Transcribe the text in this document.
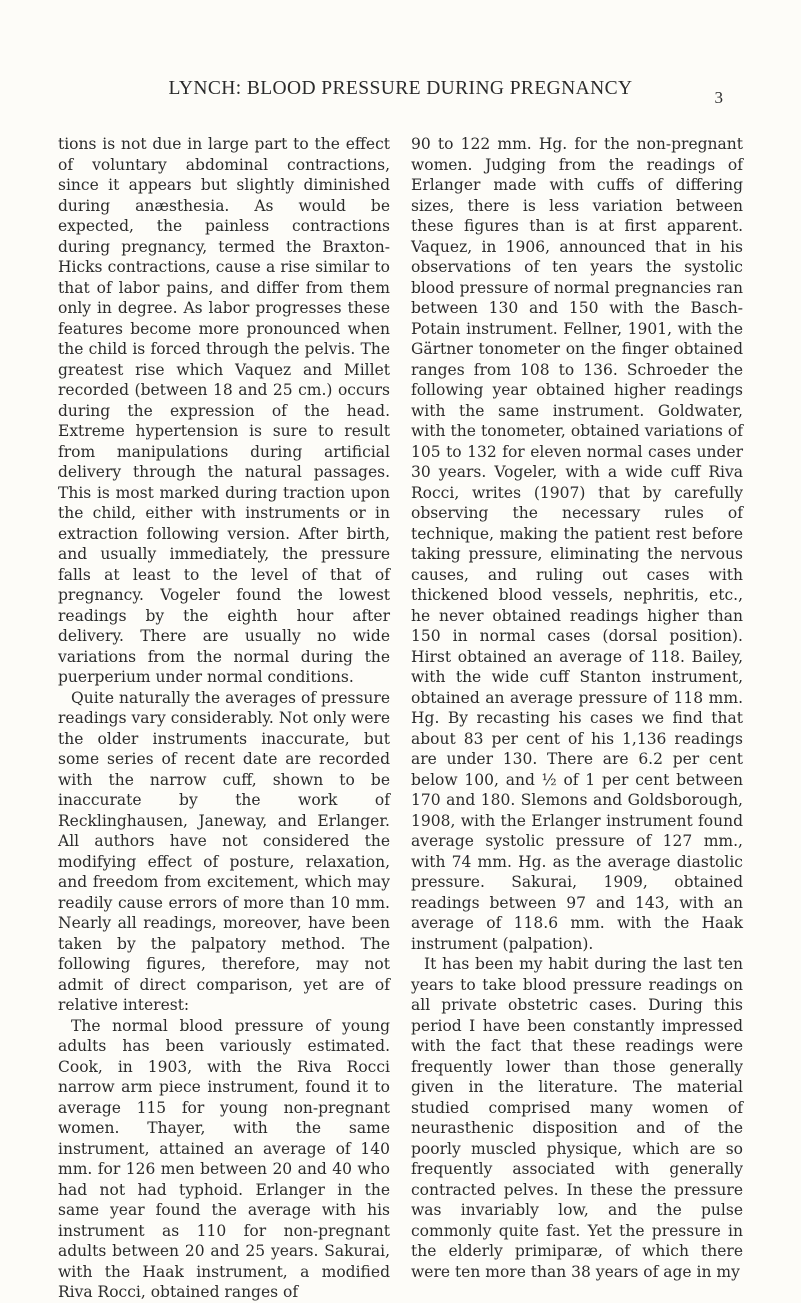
LYNCH: BLOOD PRESSURE DURING PREGNANCY	3

tions is not due in large part to the effect of voluntary abdominal contractions, since it appears but slightly diminished during anæsthesia. As would be expected, the painless contractions during pregnancy, termed the Braxton-Hicks contractions, cause a rise similar to that of labor pains, and differ from them only in degree. As labor progresses these features become more pronounced when the child is forced through the pelvis. The greatest rise which Vaquez and Millet recorded (between 18 and 25 cm.) occurs during the expression of the head. Extreme hypertension is sure to result from manipulations during artificial delivery through the natural passages. This is most marked during traction upon the child, either with instruments or in extraction following version. After birth, and usually immediately, the pressure falls at least to the level of that of pregnancy. Vogeler found the lowest readings by the eighth hour after delivery. There are usually no wide variations from the normal during the puerperium under normal conditions.

Quite naturally the averages of pressure readings vary considerably. Not only were the older instruments inaccurate, but some series of recent date are recorded with the narrow cuff, shown to be inaccurate by the work of Recklinghausen, Janeway, and Erlanger. All authors have not considered the modifying effect of posture, relaxation, and freedom from excitement, which may readily cause errors of more than 10 mm. Nearly all readings, moreover, have been taken by the palpatory method. The following figures, therefore, may not admit of direct comparison, yet are of relative interest:

The normal blood pressure of young adults has been variously estimated. Cook, in 1903, with the Riva Rocci narrow arm piece instrument, found it to average 115 for young non-pregnant women. Thayer, with the same instrument, attained an average of 140 mm. for 126 men between 20 and 40 who had not had typhoid. Erlanger in the same year found the average with his instrument as 110 for non-pregnant adults between 20 and 25 years. Sakurai, with the Haak instrument, a modified Riva Rocci, obtained ranges of

90 to 122 mm. Hg. for the non-pregnant women. Judging from the readings of Erlanger made with cuffs of differing sizes, there is less variation between these figures than is at first apparent. Vaquez, in 1906, announced that in his observations of ten years the systolic blood pressure of normal pregnancies ran between 130 and 150 with the Basch-Potain instrument. Fellner, 1901, with the Gärtner tonometer on the finger obtained ranges from 108 to 136. Schroeder the following year obtained higher readings with the same instrument. Goldwater, with the tonometer, obtained variations of 105 to 132 for eleven normal cases under 30 years. Vogeler, with a wide cuff Riva Rocci, writes (1907) that by carefully observing the necessary rules of technique, making the patient rest before taking pressure, eliminating the nervous causes, and ruling out cases with thickened blood vessels, nephritis, etc., he never obtained readings higher than 150 in normal cases (dorsal position). Hirst obtained an average of 118. Bailey, with the wide cuff Stanton instrument, obtained an average pressure of 118 mm. Hg. By recasting his cases we find that about 83 per cent of his 1,136 readings are under 130. There are 6.2 per cent below 100, and ½ of 1 per cent between 170 and 180. Slemons and Goldsborough, 1908, with the Erlanger instrument found average systolic pressure of 127 mm., with 74 mm. Hg. as the average diastolic pressure. Sakurai, 1909, obtained readings between 97 and 143, with an average of 118.6 mm. with the Haak instrument (palpation).

It has been my habit during the last ten years to take blood pressure readings on all private obstetric cases. During this period I have been constantly impressed with the fact that these readings were frequently lower than those generally given in the literature. The material studied comprised many women of neurasthenic disposition and of the poorly muscled physique, which are so frequently associated with generally contracted pelves. In these the pressure was invariably low, and the pulse commonly quite fast. Yet the pressure in the elderly primiparæ, of which there were ten more than 38 years of age in my
